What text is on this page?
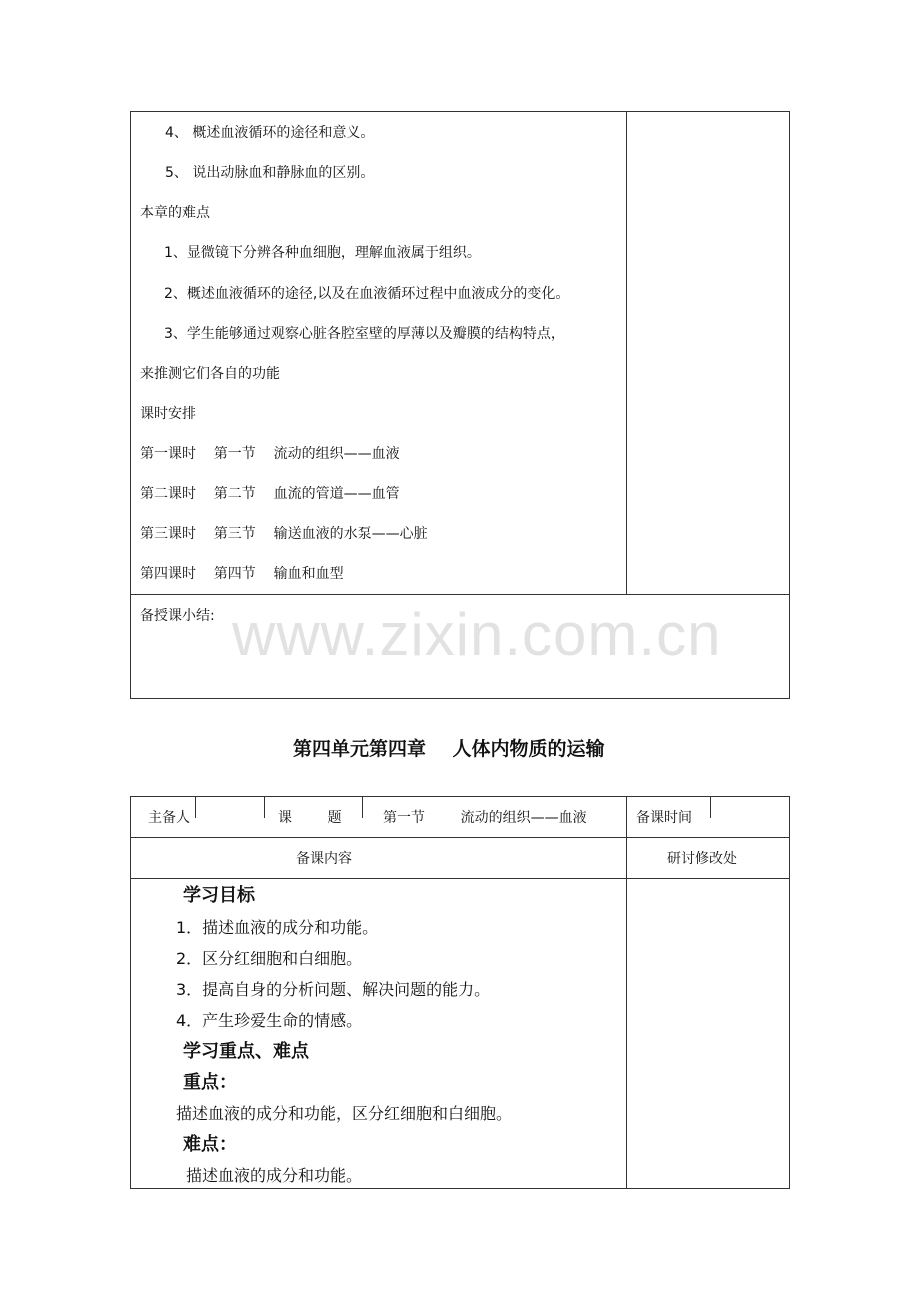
4、 概述血液循环的途径和意义。
5、 说出动脉血和静脉血的区别。
本章的难点
1、显微镜下分辨各种血细胞，理解血液属于组织。
2、概述血液循环的途径,以及在血液循环过程中血液成分的变化。
3、学生能够通过观察心脏各腔室壁的厚薄以及瓣膜的结构特点，
来推测它们各自的功能
课时安排
第一课时    第一节    流动的组织——血液
第二课时    第二节    血流的管道——血管
第三课时    第三节    输送血液的水泵——心脏
第四课时    第四节    输血和血型
备授课小结: www.zixin.com.cn
第四单元第四章    人体内物质的运输
主备人	课        题	第一节        流动的组织——血液	备课时间
备课内容	研讨修改处
学习目标
1．描述血液的成分和功能。
2．区分红细胞和白细胞。
3．提高自身的分析问题、解决问题的能力。
4．产生珍爱生命的情感。
学习重点、难点
重点：
描述血液的成分和功能，区分红细胞和白细胞。
难点：
描述血液的成分和功能。
